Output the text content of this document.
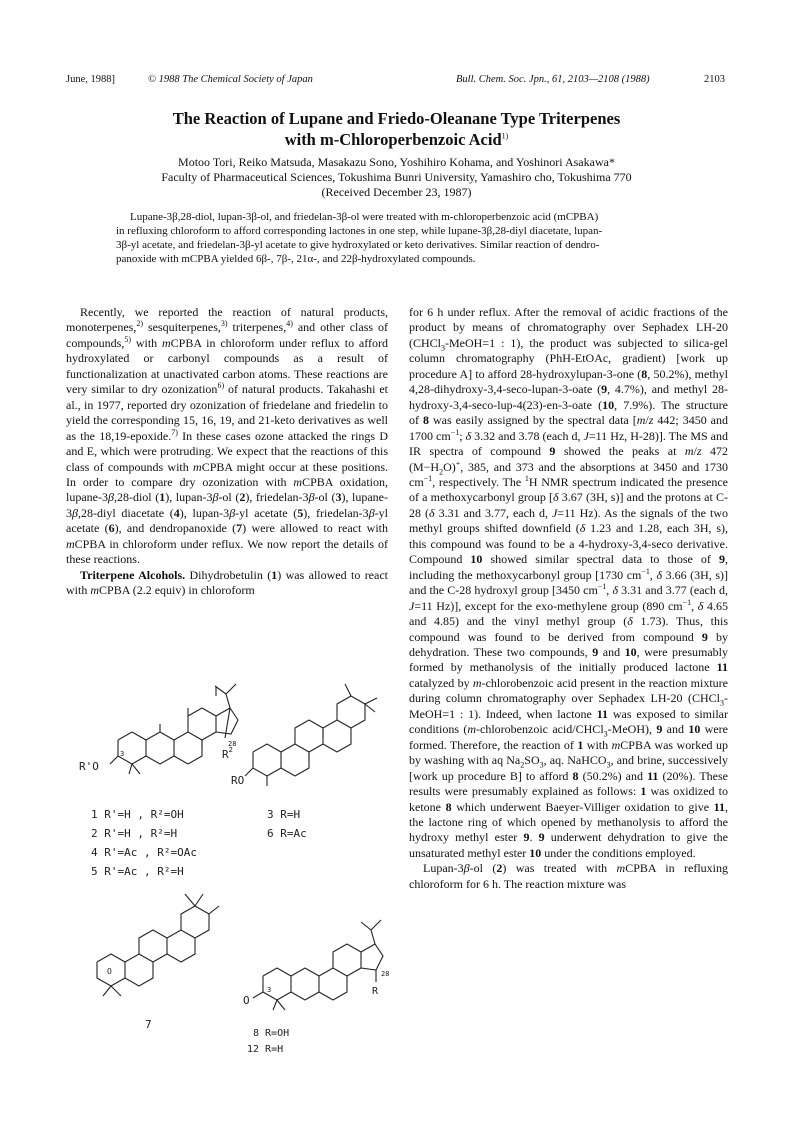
June, 1988]	© 1988 The Chemical Society of Japan	Bull. Chem. Soc. Jpn., 61, 2103—2108 (1988)	2103
The Reaction of Lupane and Friedo-Oleanane Type Triterpenes
with m-Chloroperbenzoic Acid$^{1)}$
Motoo Tori, Reiko Matsuda, Masakazu Sono, Yoshihiro Kohama, and Yoshinori Asakawa*
Faculty of Pharmaceutical Sciences, Tokushima Bunri University, Yamashiro cho, Tokushima 770
(Received December 23, 1987)
Lupane-3β,28-diol, lupan-3β-ol, and friedelan-3β-ol were treated with m-chloroperbenzoic acid (mCPBA)
in refluxing chloroform to afford corresponding lactones in one step, while lupane-3β,28-diyl diacetate, lupan-
3β-yl acetate, and friedelan-3β-yl acetate to give hydroxylated or keto derivatives. Similar reaction of dendro-
panoxide with mCPBA yielded 6β-, 7β-, 21α-, and 22β-hydroxylated compounds.

Recently, we reported the reaction of natural products, monoterpenes,$^{2)}$ sesquiterpenes,$^{3)}$ triterpenes,$^{4)}$ and other class of compounds,$^{5)}$ with mCPBA in chloroform under reflux to afford hydroxylated or carbonyl compounds as a result of functionalization at unactivated carbon atoms. These reactions are very similar to dry ozonization$^{6)}$ of natural products. Takahashi et al., in 1977, reported dry ozonization of friedelane and friedelin to yield the corresponding 15, 16, 19, and 21-keto derivatives as well as the 18,19-epoxide.$^{7)}$ In these cases ozone attacked the rings D and E, which were protruding. We expect that the reactions of this class of compounds with mCPBA might occur at these positions. In order to compare dry ozonization with mCPBA oxidation, lupane-3β,28-diol (1), lupan-3β-ol (2), friedelan-3β-ol (3), lupane-3β,28-diyl diacetate (4), lupan-3β-yl acetate (5), friedelan-3β-yl acetate (6), and dendropanoxide (7) were allowed to react with mCPBA in chloroform under reflux. We now report the details of these reactions.

Triterpene Alcohols. Dihydrobetulin (1) was allowed to react with mCPBA (2.2 equiv) in chloroform

for 6 h under reflux. After the removal of acidic fractions of the product by means of chromatography over Sephadex LH-20 (CHCl$_3$-MeOH=1 : 1), the product was subjected to silica-gel column chromatography (PhH-EtOAc, gradient) [work up procedure A] to afford 28-hydroxylupan-3-one (8, 50.2%), methyl 4,28-dihydroxy-3,4-seco-lupan-3-oate (9, 4.7%), and methyl 28-hydroxy-3,4-seco-lup-4(23)-en-3-oate (10, 7.9%). The structure of 8 was easily assigned by the spectral data [m/z 442; 3450 and 1700 $cm^{-1}$; δ 3.32 and 3.78 (each d, J=11 Hz, H-28)]. The MS and IR spectra of compound 9 showed the peaks at m/z 472 $(M-H_2O)^+$, 385, and 373 and the absorptions at 3450 and 1730 $cm^{-1}$, respectively. The $^1$H NMR spectrum indicated the presence of a methoxycarbonyl group [δ 3.67 (3H, s)] and the protons at C-28 (δ 3.31 and 3.77, each d, J=11 Hz). As the signals of the two methyl groups shifted downfield (δ 1.23 and 1.28, each 3H, s), this compound was found to be a 4-hydroxy-3,4-seco derivative. Compound 10 showed similar spectral data to those of 9, including the methoxycarbonyl group [1730 $cm^{-1}$, δ 3.66 (3H, s)] and the C-28 hydroxyl group [3450 $cm^{-1}$, δ 3.31 and 3.77 (each d, J=11 Hz)], except for the exo-methylene group (890 $cm^{-1}$, δ 4.65 and 4.85) and the vinyl methyl group (δ 1.73). Thus, this compound was found to be derived from compound 9 by dehydration. These two compounds, 9 and 10, were presumably formed by methanolysis of the initially produced lactone 11 catalyzed by m-chlorobenzoic acid present in the reaction mixture during column chromatography over Sephadex LH-20 (CHCl$_3$-MeOH=1 : 1). Indeed, when lactone 11 was exposed to similar conditions (m-chlorobenzoic acid/CHCl$_3$-MeOH), 9 and 10 were formed. Therefore, the reaction of 1 with mCPBA was worked up by washing with aq $Na_2SO_3$, aq. NaHCO$_3$, and brine, successively [work up procedure B] to afford 8 (50.2%) and 11 (20%). These results were presumably explained as follows: 1 was oxidized to ketone 8 which underwent Baeyer-Villiger oxidation to give 11, the lactone ring of which opened by methanolysis to afford the hydroxy methyl ester 9. 9 underwent dehydration to give the unsaturated methyl ester 10 under the conditions employed.

Lupan-3β-ol (2) was treated with mCPBA in refluxing chloroform for 6 h. The reaction mixture was

28
$R^2$
3
R'O
RO
1 R'=H , R²=OH
2 R'=H , R²=H
4 R'=Ac , R²=OAc
5 R'=Ac , R²=H
3 R=H
6 R=Ac
O
7
O
3
28
R
8 R=OH
12 R=H
